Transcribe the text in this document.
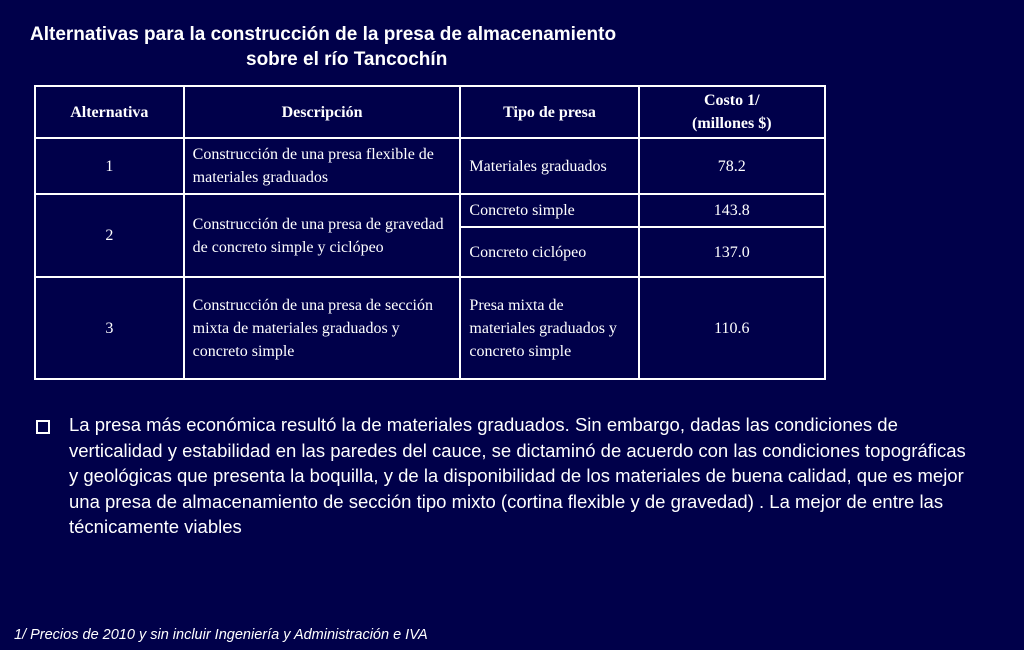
Alternativas para la construcción de la presa de almacenamiento
sobre el río Tancochín
Alternativa	Descripción	Tipo de presa	Costo 1/
(millones $)
1	Construcción de una presa flexible de materiales graduados	Materiales graduados	78.2
2	Construcción de una presa de gravedad de concreto simple y ciclópeo	Concreto simple	143.8
		Concreto ciclópeo	137.0
3	Construcción de una presa de sección mixta de materiales graduados y concreto simple	Presa mixta de materiales graduados y concreto simple	110.6
La presa más económica resultó la de materiales graduados. Sin embargo, dadas las condiciones de verticalidad y estabilidad en las paredes del cauce, se dictaminó de acuerdo con las condiciones topográficas y geológicas que presenta la boquilla, y de la disponibilidad de los materiales de buena calidad, que es mejor una presa de almacenamiento de sección tipo mixto (cortina flexible y de gravedad) . La mejor de entre las técnicamente viables
1/ Precios de 2010 y sin incluir Ingeniería y Administración e IVA
